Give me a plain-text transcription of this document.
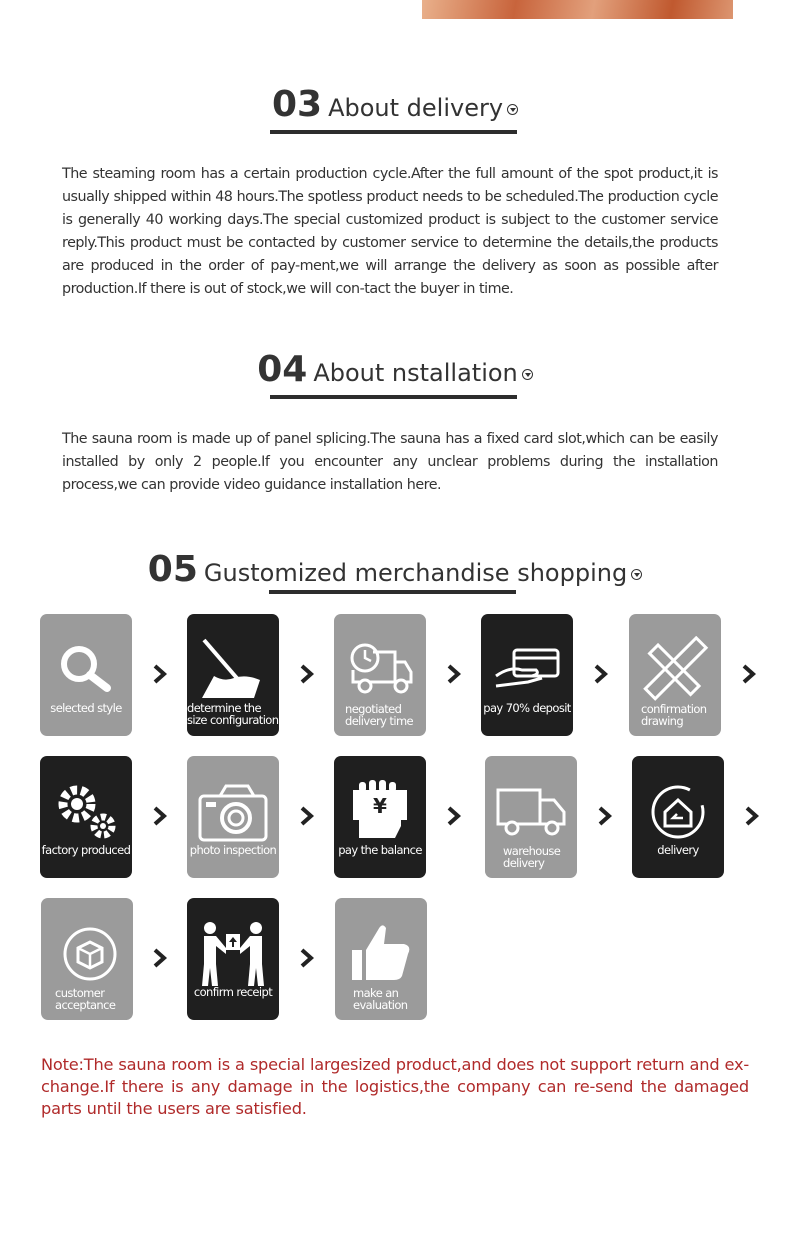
03 About delivery
The steaming room has a certain production cycle.After the full amount of the spot product,it is usually shipped within 48 hours.The spotless product needs to be scheduled.The production cycle is generally 40 working days.The special customized product is subject to the customer service reply.This product must be contacted by customer service to determine the details,the products are produced in the order of pay-ment,we will arrange the delivery as soon as possible after production.If there is out of stock,we will con-tact the buyer in time.
04 About nstallation
The sauna room is made up of panel splicing.The sauna has a fixed card slot,which can be easily installed by only 2 people.If you encounter any unclear problems during the installation process,we can provide video guidance installation here.
05 Gustomized merchandise shopping
selected style	determine the
size configuration
negotiated
delivery time
pay 70% deposit	confirmation
drawing
factory produced	photo inspection
¥
pay the balance	warehouse
delivery
delivery
customer
acceptance
confirm receipt	make an
evaluation
Note:The sauna room is a special largesized product,and does not support return and ex-change.If there is any damage in the logistics,the company can re-send the damaged parts until the users are satisfied.
